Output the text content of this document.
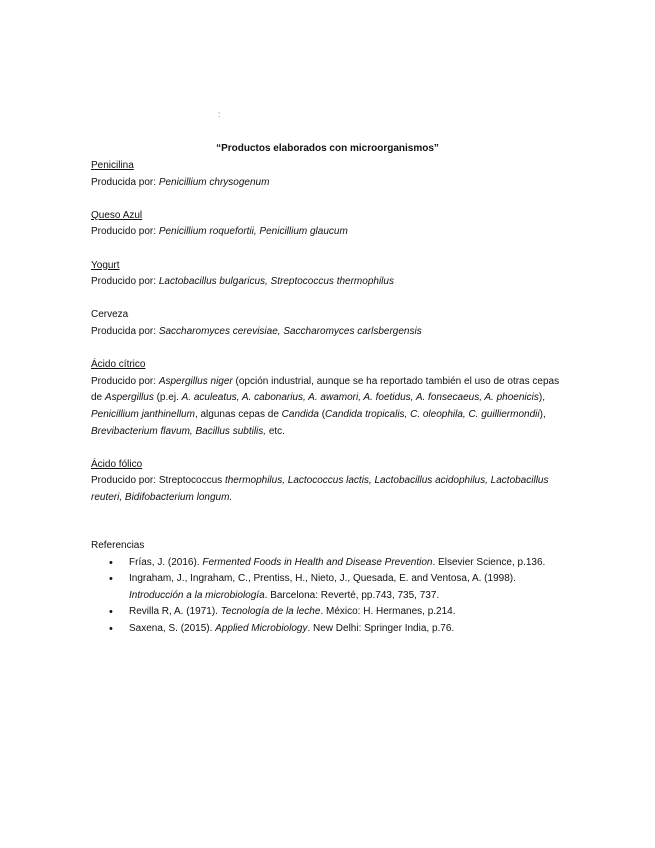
:
“Productos elaborados con microorganismos”

Penicilina

Producida por: Penicillium chrysogenum

Queso Azul

Producido por: Penicillium roquefortii, Penicillium glaucum

Yogurt

Producido por: Lactobacillus bulgaricus, Streptococcus thermophilus

Cerveza

Producida por: Saccharomyces cerevisiae, Saccharomyces carlsbergensis

Ácido cítrico

Producido por: Aspergillus niger (opción industrial, aunque se ha reportado también el uso de otras cepas de Aspergillus (p.ej. A. aculeatus, A. cabonarius, A. awamori, A. foetidus, A. fonsecaeus, A. phoenicis), Penicillium janthinellum, algunas cepas de Candida (Candida tropicalis, C. oleophila, C. guilliermondii), Brevibacterium flavum, Bacillus subtilis, etc.

Ácido fólico

Producido por: Streptococcus thermophilus, Lactococcus lactis, Lactobacillus acidophilus, Lactobacillus reuteri, Bidifobacterium longum.

Referencias

• Frías, J. (2016). Fermented Foods in Health and Disease Prevention. Elsevier Science, p.136.
• Ingraham, J., Ingraham, C., Prentiss, H., Nieto, J., Quesada, E. and Ventosa, A. (1998). Introducción a la microbiología. Barcelona: Reverté, pp.743, 735, 737.
• Revilla R, A. (1971). Tecnología de la leche. México: H. Hermanes, p.214.
• Saxena, S. (2015). Applied Microbiology. New Delhi: Springer India, p.76.
